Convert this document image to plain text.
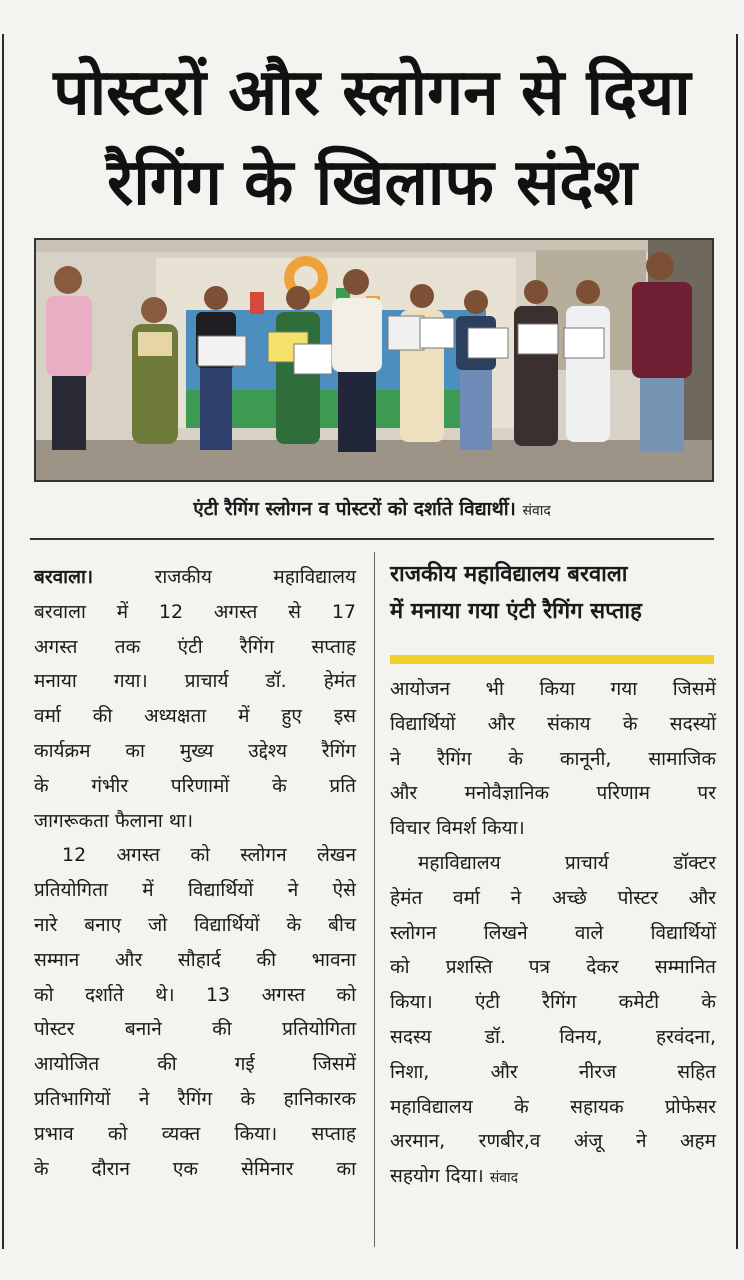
पोस्टरों और स्लोगन से दिया
रैगिंग के खिलाफ संदेश
एंटी रैगिंग स्लोगन व पोस्टरों को दर्शाते विद्यार्थी। संवाद
बरवाला। राजकीय महाविद्यालय
बरवाला में 12 अगस्त से 17
अगस्त तक एंटी रैगिंग सप्ताह
मनाया गया। प्राचार्य डॉ. हेमंत
वर्मा की अध्यक्षता में हुए इस
कार्यक्रम का मुख्य उद्देश्य रैगिंग
के गंभीर परिणामों के प्रति
जागरूकता फैलाना था।
12 अगस्त को स्लोगन लेखन
प्रतियोगिता में विद्यार्थियों ने ऐसे
नारे बनाए जो विद्यार्थियों के बीच
सम्मान और सौहार्द की भावना
को दर्शाते थे। 13 अगस्त को
पोस्टर बनाने की प्रतियोगिता
आयोजित की गई जिसमें
प्रतिभागियों ने रैगिंग के हानिकारक
प्रभाव को व्यक्त किया। सप्ताह
के दौरान एक सेमिनार का
राजकीय महाविद्यालय बरवाला
में मनाया गया एंटी रैगिंग सप्ताह
आयोजन भी किया गया जिसमें
विद्यार्थियों और संकाय के सदस्यों
ने रैगिंग के कानूनी, सामाजिक
और मनोवैज्ञानिक परिणाम पर
विचार विमर्श किया।
महाविद्यालय प्राचार्य डॉक्टर
हेमंत वर्मा ने अच्छे पोस्टर और
स्लोगन लिखने वाले विद्यार्थियों
को प्रशस्ति पत्र देकर सम्मानित
किया। एंटी रैगिंग कमेटी के
सदस्य डॉ. विनय, हरवंदना,
निशा, और नीरज सहित
महाविद्यालय के सहायक प्रोफेसर
अरमान, रणबीर,व अंजू ने अहम
सहयोग दिया। संवाद
